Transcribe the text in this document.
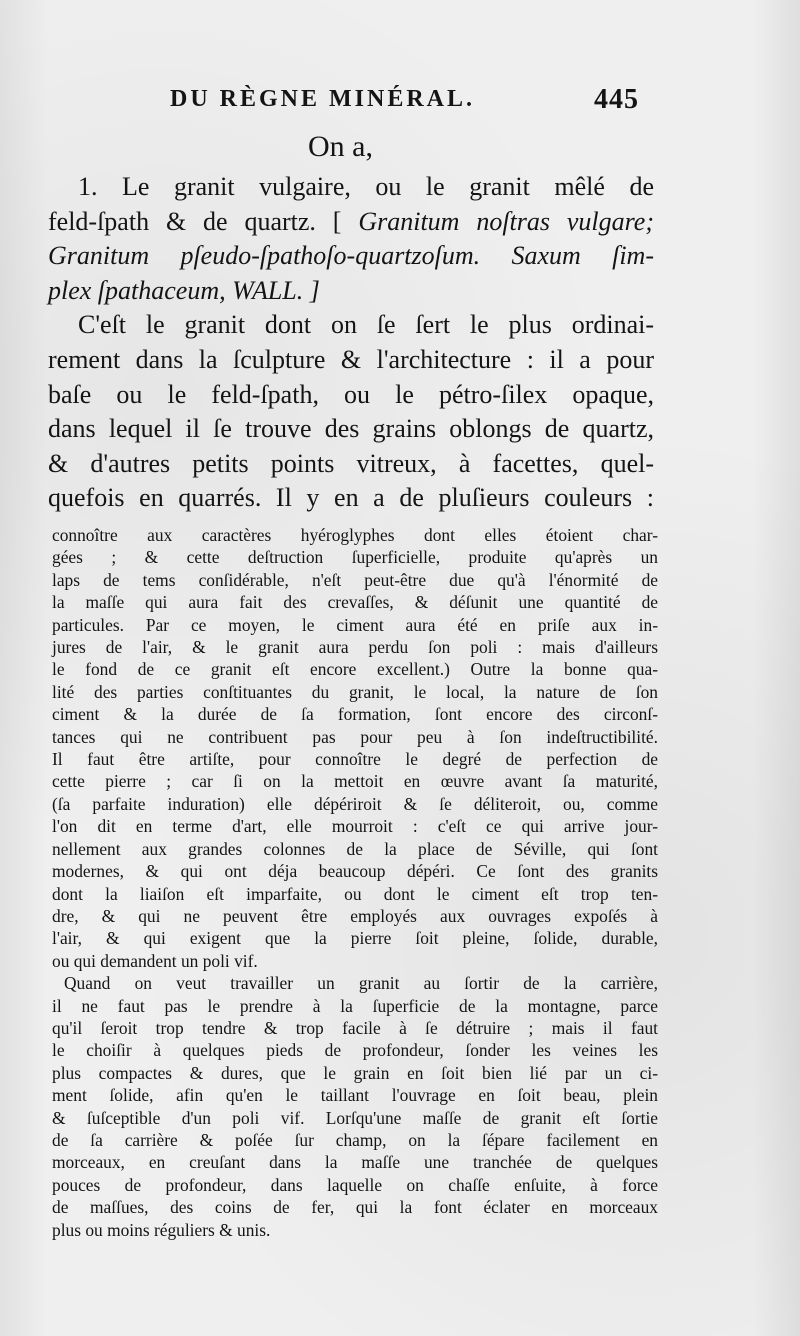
DU RÈGNE MINÉRAL.	445
On a,
1. Le granit vulgaire, ou le granit mêlé de
feld-ſpath & de quartz. [ Granitum noſtras vulgare;
Granitum pſeudo-ſpathoſo-quartzoſum. Saxum ſim-
plex ſpathaceum, WALL. ]
C'eſt le granit dont on ſe ſert le plus ordinai-
rement dans la ſculpture & l'architecture : il a pour
baſe ou le feld-ſpath, ou le pétro-ſilex opaque,
dans lequel il ſe trouve des grains oblongs de quartz,
& d'autres petits points vitreux, à facettes, quel-
quefois en quarrés. Il y en a de pluſieurs couleurs :
connoître aux caractères hyéroglyphes dont elles étoient char-
gées ; & cette deſtruction ſuperficielle, produite qu'après un
laps de tems conſidérable, n'eſt peut-être due qu'à l'énormité de
la maſſe qui aura fait des crevaſſes, & déſunit une quantité de
particules. Par ce moyen, le ciment aura été en priſe aux in-
jures de l'air, & le granit aura perdu ſon poli : mais d'ailleurs
le fond de ce granit eſt encore excellent.) Outre la bonne qua-
lité des parties conſtituantes du granit, le local, la nature de ſon
ciment & la durée de ſa formation, ſont encore des circonſ-
tances qui ne contribuent pas pour peu à ſon indeſtructibilité.
Il faut être artiſte, pour connoître le degré de perfection de
cette pierre ; car ſi on la mettoit en œuvre avant ſa maturité,
(ſa parfaite induration) elle dépériroit & ſe déliteroit, ou, comme
l'on dit en terme d'art, elle mourroit : c'eſt ce qui arrive jour-
nellement aux grandes colonnes de la place de Séville, qui ſont
modernes, & qui ont déja beaucoup dépéri. Ce ſont des granits
dont la liaiſon eſt imparfaite, ou dont le ciment eſt trop ten-
dre, & qui ne peuvent être employés aux ouvrages expoſés à
l'air, & qui exigent que la pierre ſoit pleine, ſolide, durable,
ou qui demandent un poli vif.
Quand on veut travailler un granit au ſortir de la carrière,
il ne faut pas le prendre à la ſuperficie de la montagne, parce
qu'il ſeroit trop tendre & trop facile à ſe détruire ; mais il faut
le choiſir à quelques pieds de profondeur, ſonder les veines les
plus compactes & dures, que le grain en ſoit bien lié par un ci-
ment ſolide, afin qu'en le taillant l'ouvrage en ſoit beau, plein
& ſuſceptible d'un poli vif. Lorſqu'une maſſe de granit eſt ſortie
de ſa carrière & poſée ſur champ, on la ſépare facilement en
morceaux, en creuſant dans la maſſe une tranchée de quelques
pouces de profondeur, dans laquelle on chaſſe enſuite, à force
de maſſues, des coins de fer, qui la font éclater en morceaux
plus ou moins réguliers & unis.
